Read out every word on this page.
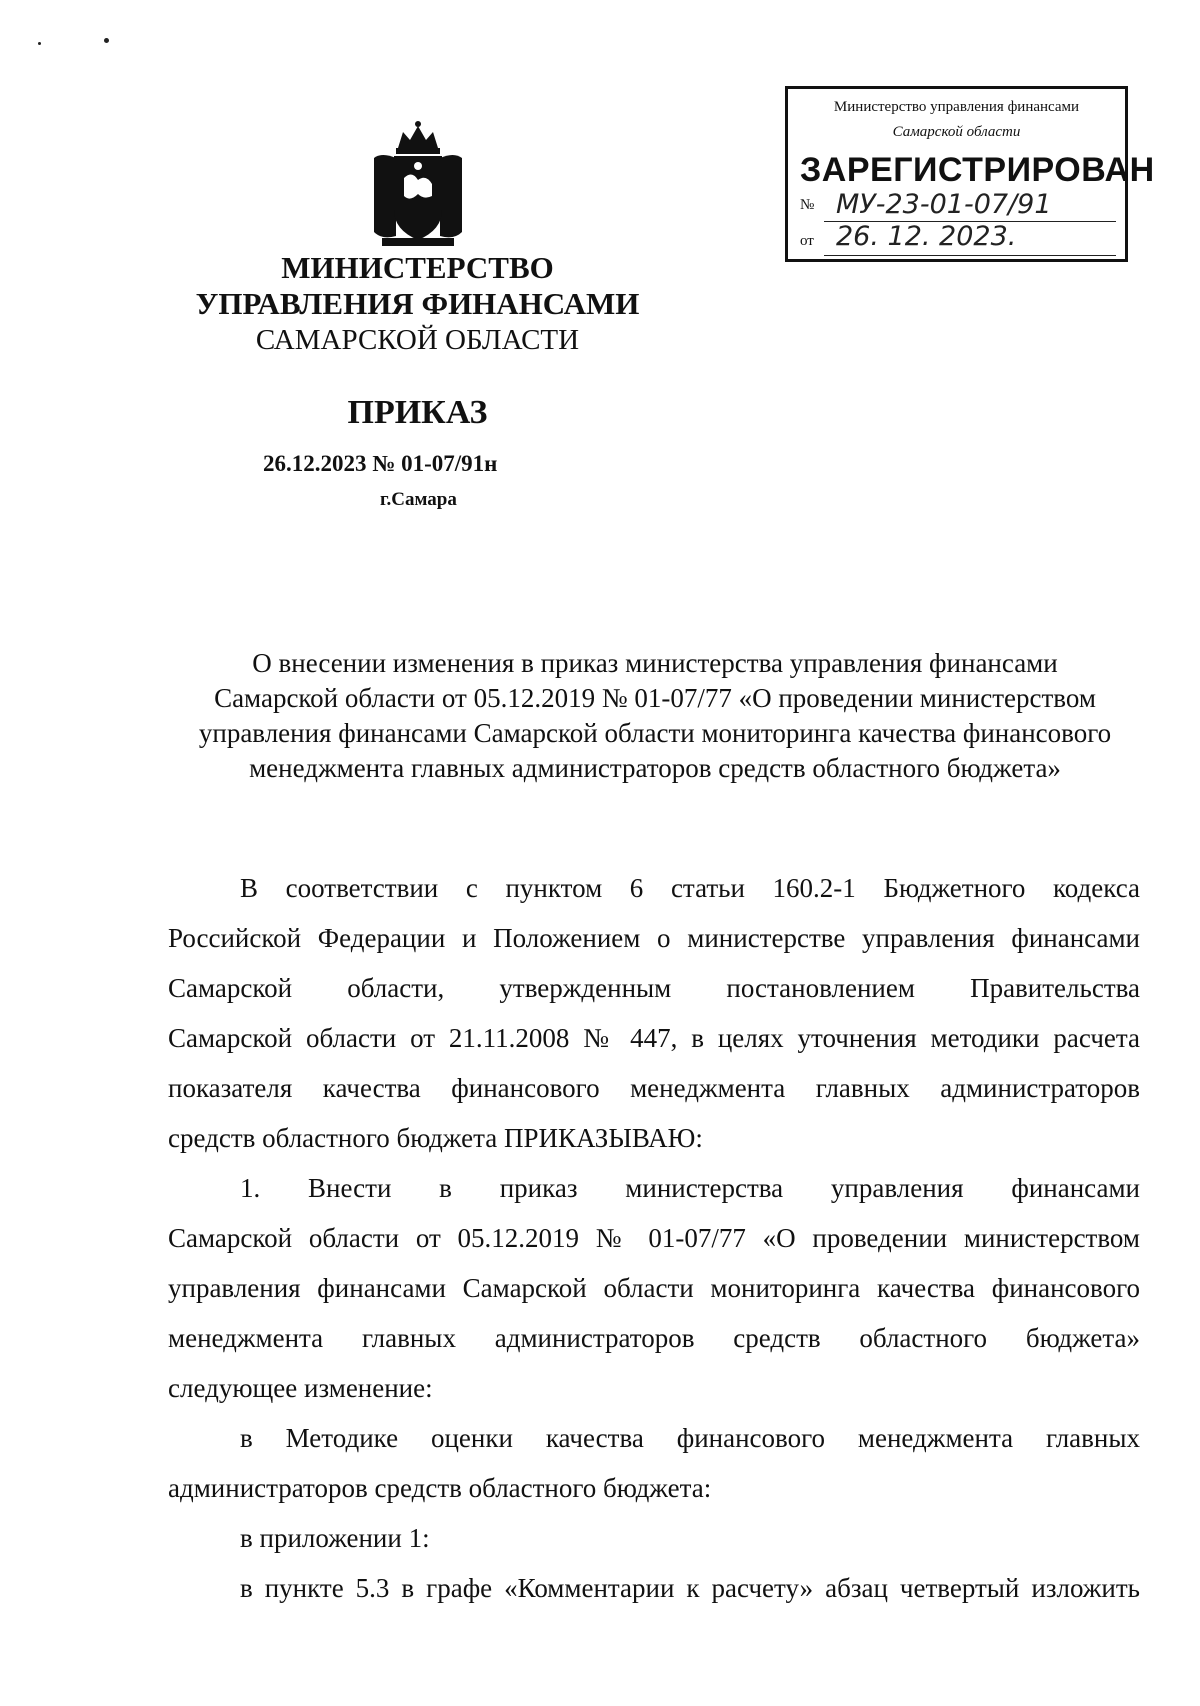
МИНИСТЕРСТВО
УПРАВЛЕНИЯ ФИНАНСАМИ
САМАРСКОЙ ОБЛАСТИ
ПРИКАЗ
26.12.2023 № 01-07/91н
г.Самара
Министерство управления финансами
Самарской области
ЗАРЕГИСТРИРОВАН
№ МУ-23-01-07/91
от 26. 12. 2023.
О внесении изменения в приказ министерства управления финансами
Самарской области от 05.12.2019 № 01-07/77 «О проведении министерством
управления финансами Самарской области мониторинга качества финансового
менеджмента главных администраторов средств областного бюджета»

В соответствии с пунктом 6 статьи 160.2-1 Бюджетного кодекса

Российской Федерации и Положением о министерстве управления финансами

Самарской области, утвержденным постановлением Правительства

Самарской области от 21.11.2008 № 447, в целях уточнения методики расчета

показателя качества финансового менеджмента главных администраторов

средств областного бюджета ПРИКАЗЫВАЮ:

1. Внести в приказ министерства управления финансами

Самарской области от 05.12.2019 № 01-07/77 «О проведении министерством

управления финансами Самарской области мониторинга качества финансового

менеджмента главных администраторов средств областного бюджета»

следующее изменение:

в Методике оценки качества финансового менеджмента главных

администраторов средств областного бюджета:

в приложении 1:

в пункте 5.3 в графе «Комментарии к расчету» абзац четвертый изложить
